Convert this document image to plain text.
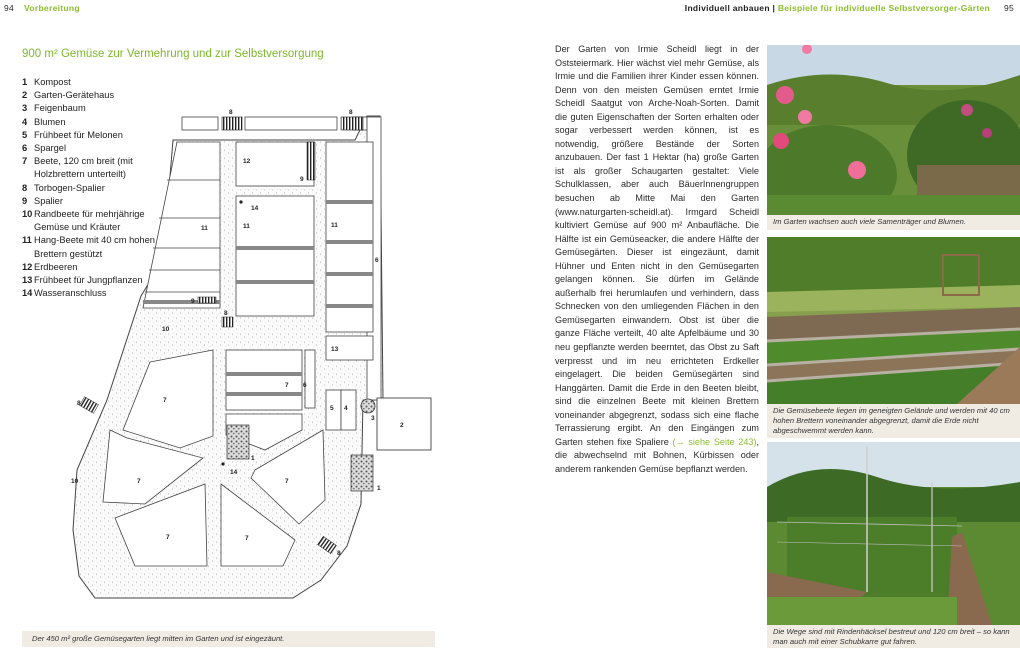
94 Vorbereitung	Individuell anbauen | Beispiele für individuelle Selbstversorger-Gärten 95
900 m² Gemüse zur Vermehrung und zur Selbstversorgung
1 Kompost
2 Garten-Gerätehaus
3 Feigenbaum
4 Blumen
5 Frühbeet für Melonen
6 Spargel
7 Beete, 120 cm breit (mit Holzbrettern unterteilt)
8 Torbogen-Spalier
9 Spalier
10 Randbeete für mehrjährige Gemüse und Kräuter
11 Hang-Beete mit 40 cm hohen Brettern gestützt
12 Erdbeeren
13 Frühbeet für Jungpflanzen
14 Wasseranschluss
8	8
12
9
14
11	11	11
6
9
8
10
13
7 6
7
8
5 4
3
2
1
14
10	7	7
1
7	7
8
Der 450 m² große Gemüsegarten liegt mitten im Garten und ist eingezäunt.
Der Garten von Irmie Scheidl liegt in der Oststeiermark. Hier wächst viel mehr Gemüse, als Irmie und die Familien ihrer Kinder essen können. Denn von den meisten Gemüsen erntet Irmie Scheidl Saatgut von Arche-Noah-Sorten. Damit die guten Eigenschaften der Sorten erhalten oder sogar verbessert werden können, ist es notwendig, größere Bestände der Sorten anzubauen. Der fast 1 Hektar (ha) große Garten ist als großer Schaugarten gestaltet: Viele Schulklassen, aber auch BäuerInnengruppen besuchen ab Mitte Mai den Garten (www.naturgarten-scheidl.at). Irmgard Scheidl kultiviert Gemüse auf 900 m² Anbaufläche. Die Hälfte ist ein Gemüseacker, die andere Hälfte der Gemüsegärten. Dieser ist eingezäunt, damit Hühner und Enten nicht in den Gemüsegarten gelangen können. Sie dürfen im Gelände außerhalb frei herumlaufen und verhindern, dass Schnecken von den umliegenden Flächen in den Gemüsegarten einwandern. Obst ist über die ganze Fläche verteilt, 40 alte Apfelbäume und 30 neu gepflanzte werden beerntet, das Obst zu Saft verpresst und im neu errichteten Erdkeller eingelagert. Die beiden Gemüsegärten sind Hanggärten. Damit die Erde in den Beeten bleibt, sind die einzelnen Beete mit kleinen Brettern voneinander abgegrenzt, sodass sich eine flache Terrassierung ergibt. An den Eingängen zum Garten stehen fixe Spaliere (→ siehe Seite 243), die abwechselnd mit Bohnen, Kürbissen oder anderem rankenden Gemüse bepflanzt werden.
Im Garten wachsen auch viele Samenträger und Blumen.
Die Gemüsebeete liegen im geneigten Gelände und werden mit 40 cm hohen Brettern voneinander abgegrenzt, damit die Erde nicht abgeschwemmt werden kann.
Die Wege sind mit Rindenhäcksel bestreut und 120 cm breit – so kann man auch mit einer Schubkarre gut fahren.
